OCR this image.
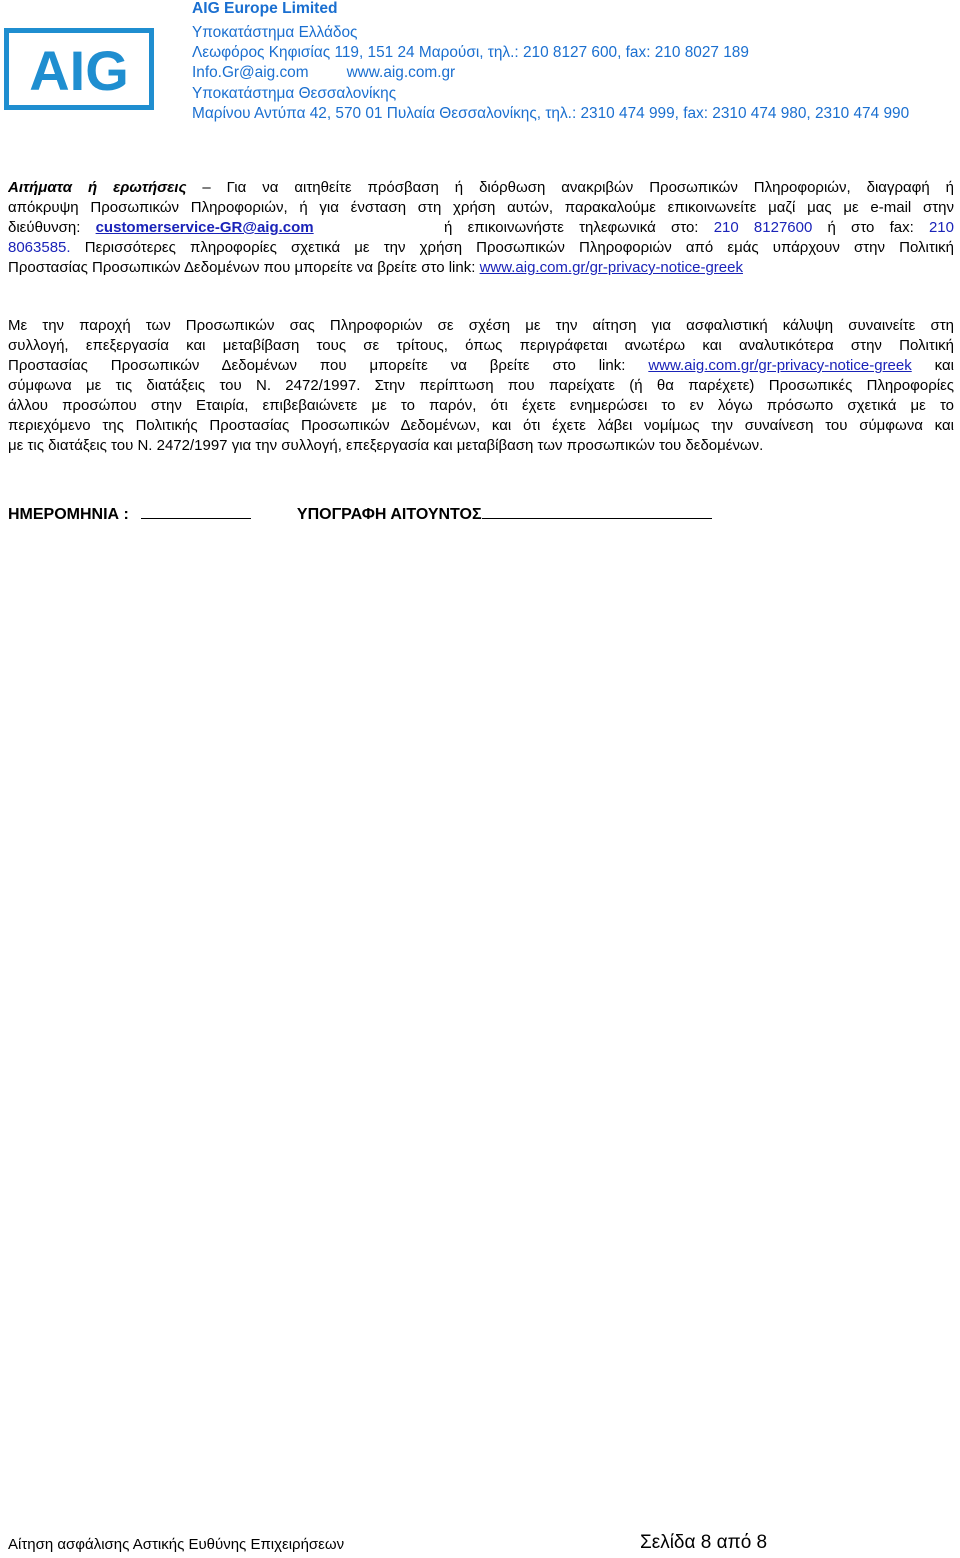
AIG
AIG Europe Limited
Υποκατάστημα Ελλάδος
Λεωφόρος Κηφισίας 119, 151 24 Μαρούσι, τηλ.: 210 8127 600, fax: 210 8027 189
Info.Gr@aig.com www.aig.com.gr
Υποκατάστημα Θεσσαλονίκης
Μαρίνου Αντύπα 42, 570 01 Πυλαία Θεσσαλονίκης, τηλ.: 2310 474 999, fax: 2310 474 980, 2310 474 990
Αιτήματα ή ερωτήσεις – Για να αιτηθείτε πρόσβαση ή διόρθωση ανακριβών Προσωπικών Πληροφοριών, διαγραφή ή
απόκρυψη Προσωπικών Πληροφοριών, ή για ένσταση στη χρήση αυτών, παρακαλούμε επικοινωνείτε μαζί μας με e-mail στην
διεύθυνση: customerservice-GR@aig.com	ή επικοινωνήστε τηλεφωνικά στο: 210 8127600 ή στο fax: 210
8063585. Περισσότερες πληροφορίες σχετικά με την χρήση Προσωπικών Πληροφοριών από εμάς υπάρχουν στην Πολιτική
Προστασίας Προσωπικών Δεδομένων που μπορείτε να βρείτε στο link: www.aig.com.gr/gr-privacy-notice-greek
Με την παροχή των Προσωπικών σας Πληροφοριών σε σχέση με την αίτηση για ασφαλιστική κάλυψη συναινείτε στη
συλλογή, επεξεργασία και μεταβίβαση τους σε τρίτους, όπως περιγράφεται ανωτέρω και αναλυτικότερα στην Πολιτική
Προστασίας Προσωπικών Δεδομένων που μπορείτε να βρείτε στο link: www.aig.com.gr/gr-privacy-notice-greek και
σύμφωνα με τις διατάξεις του Ν. 2472/1997. Στην περίπτωση που παρείχατε (ή θα παρέχετε) Προσωπικές Πληροφορίες
άλλου προσώπου στην Εταιρία, επιβεβαιώνετε με το παρόν, ότι έχετε ενημερώσει το εν λόγω πρόσωπο σχετικά με το
περιεχόμενο της Πολιτικής Προστασίας Προσωπικών Δεδομένων, και ότι έχετε λάβει νομίμως την συναίνεση του σύμφωνα και
με τις διατάξεις του Ν. 2472/1997 για την συλλογή, επεξεργασία και μεταβίβαση των προσωπικών του δεδομένων.
ΗΜΕΡΟΜΗΝΙΑ :	ΥΠΟΓΡΑΦΗ ΑΙΤΟΥΝΤΟΣ
Αίτηση ασφάλισης Αστικής Ευθύνης Επιχειρήσεων	Σελίδα 8 από 8
